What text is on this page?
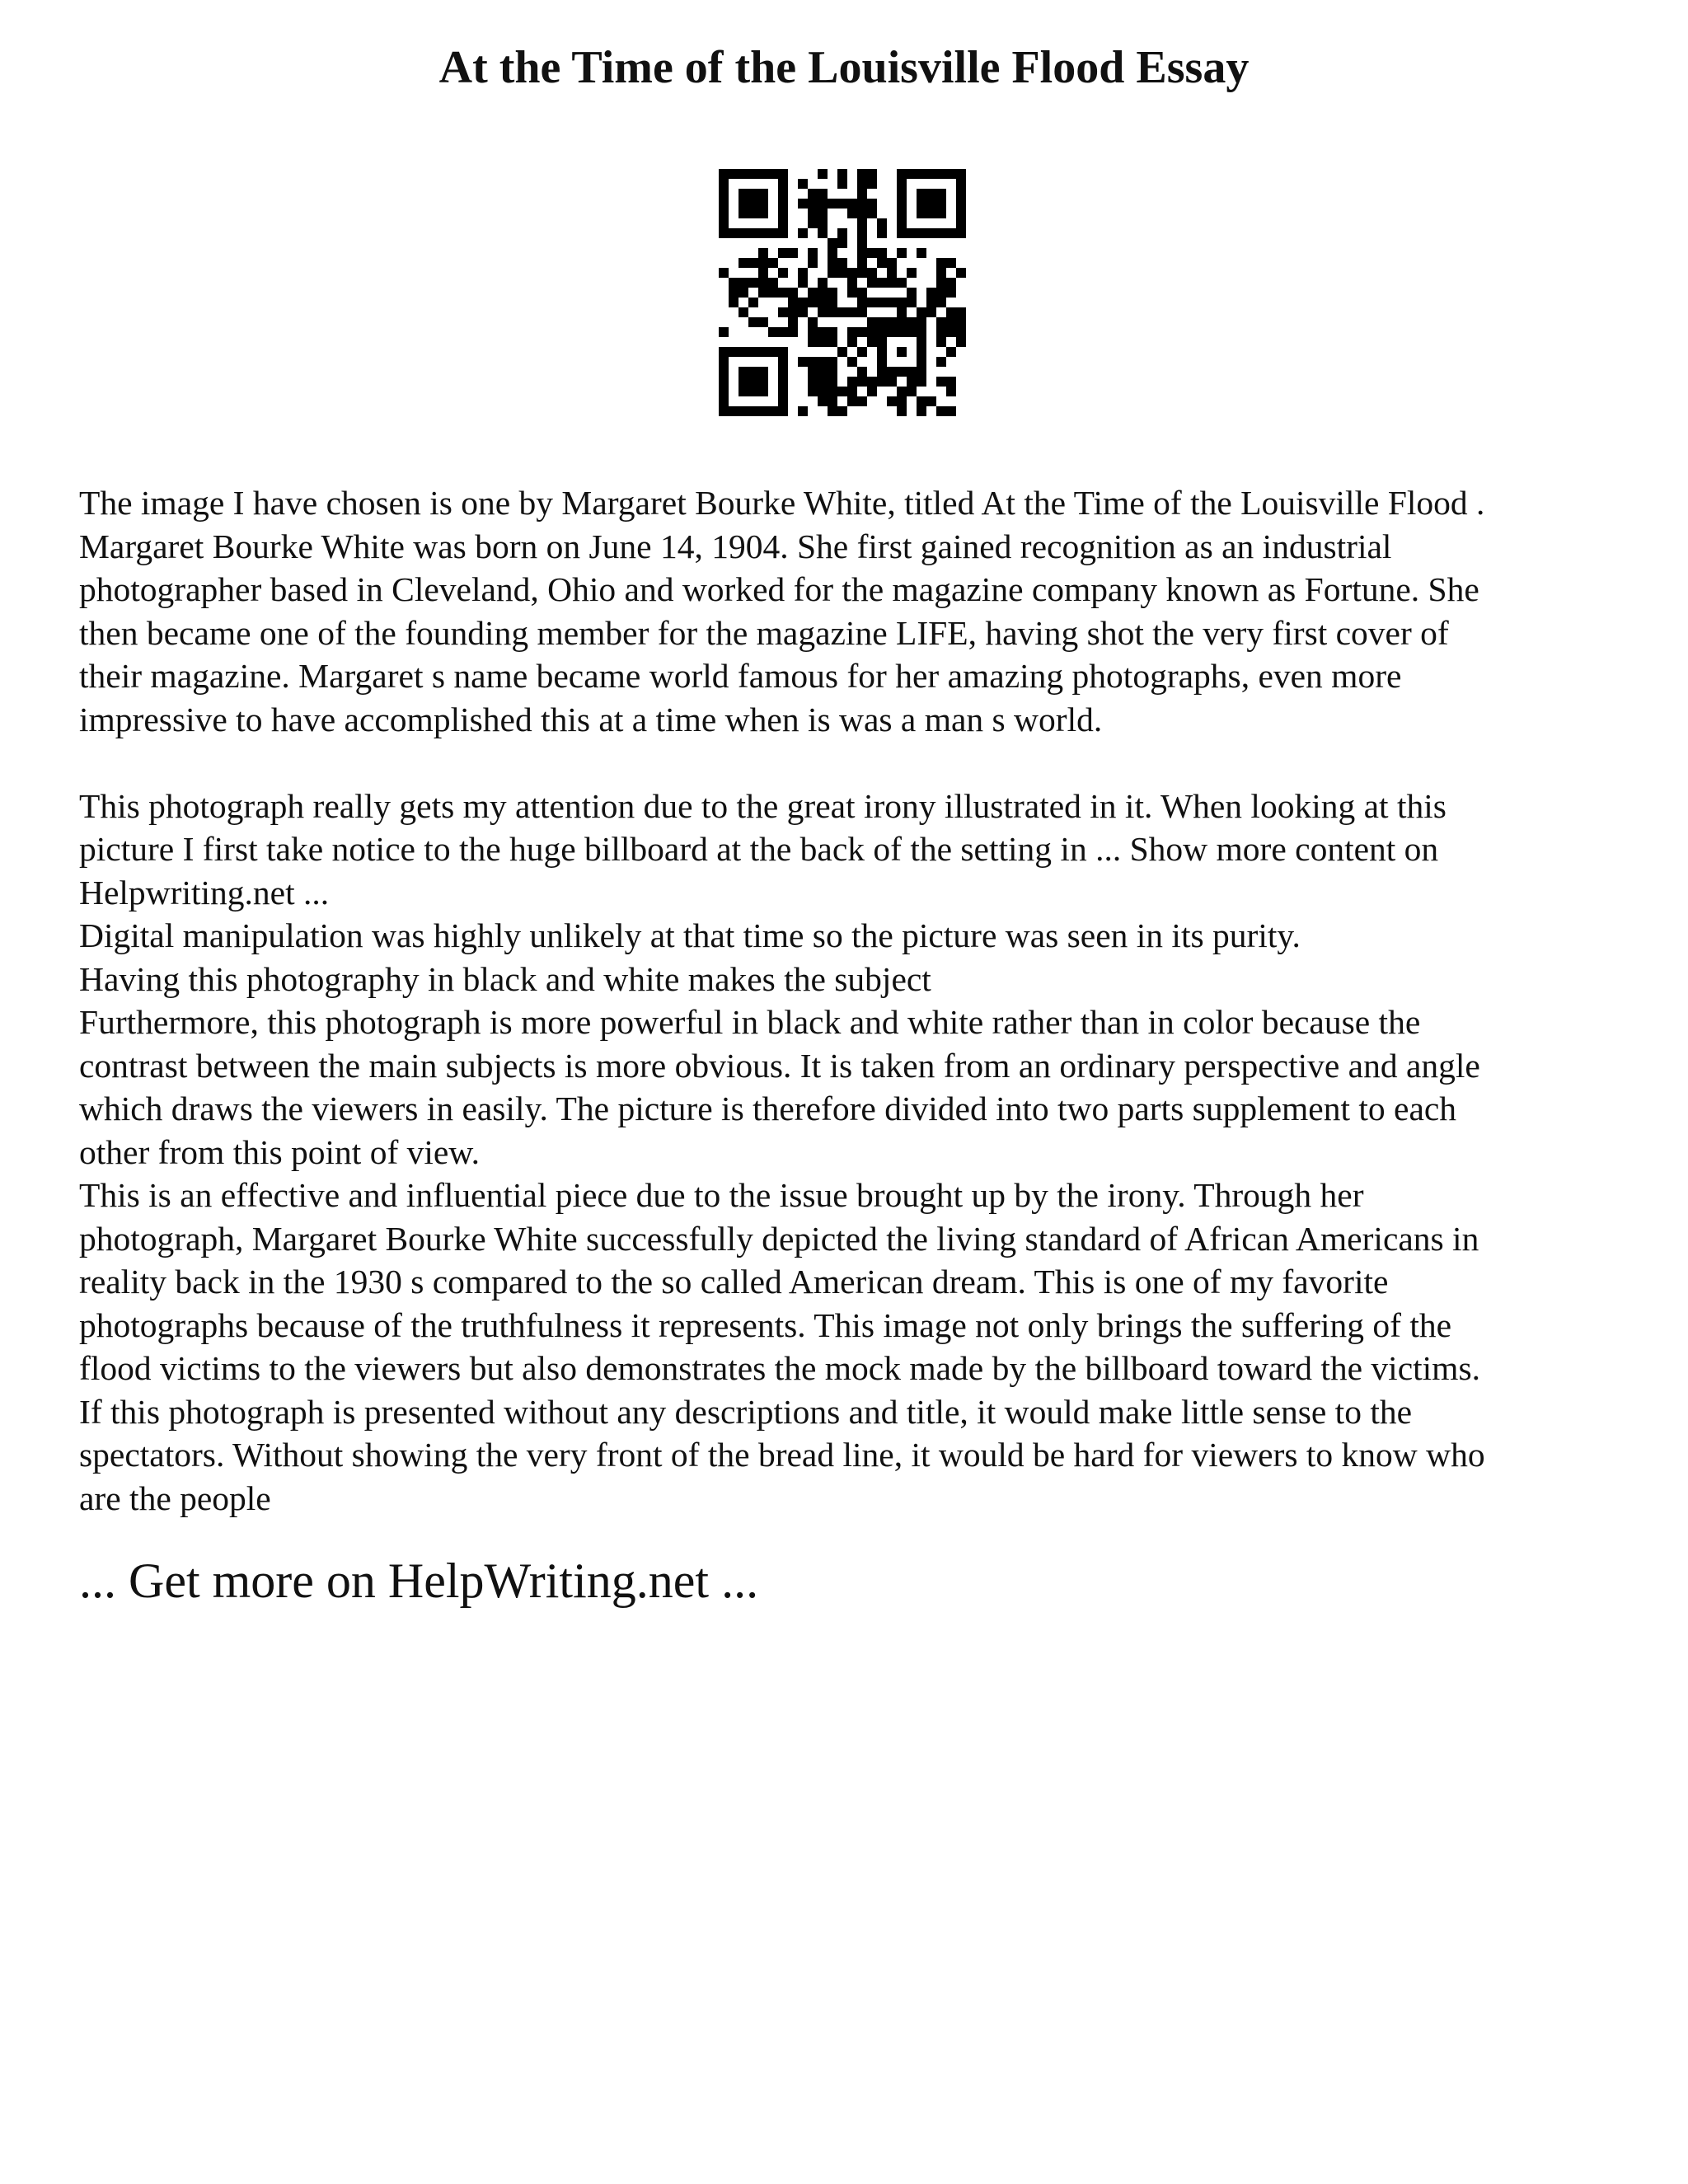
At the Time of the Louisville Flood Essay

The image I have chosen is one by Margaret Bourke White, titled At the Time of the Louisville Flood .

Margaret Bourke White was born on June 14, 1904. She first gained recognition as an industrial

photographer based in Cleveland, Ohio and worked for the magazine company known as Fortune. She

then became one of the founding member for the magazine LIFE, having shot the very first cover of

their magazine. Margaret s name became world famous for her amazing photographs, even more

impressive to have accomplished this at a time when is was a man s world.

This photograph really gets my attention due to the great irony illustrated in it. When looking at this

picture I first take notice to the huge billboard at the back of the setting in ... Show more content on

Helpwriting.net ...

Digital manipulation was highly unlikely at that time so the picture was seen in its purity.

Having this photography in black and white makes the subject

Furthermore, this photograph is more powerful in black and white rather than in color because the

contrast between the main subjects is more obvious. It is taken from an ordinary perspective and angle

which draws the viewers in easily. The picture is therefore divided into two parts supplement to each

other from this point of view.

This is an effective and influential piece due to the issue brought up by the irony. Through her

photograph, Margaret Bourke White successfully depicted the living standard of African Americans in

reality back in the 1930 s compared to the so called American dream. This is one of my favorite

photographs because of the truthfulness it represents. This image not only brings the suffering of the

flood victims to the viewers but also demonstrates the mock made by the billboard toward the victims.

If this photograph is presented without any descriptions and title, it would make little sense to the

spectators. Without showing the very front of the bread line, it would be hard for viewers to know who

are the people

... Get more on HelpWriting.net ...
